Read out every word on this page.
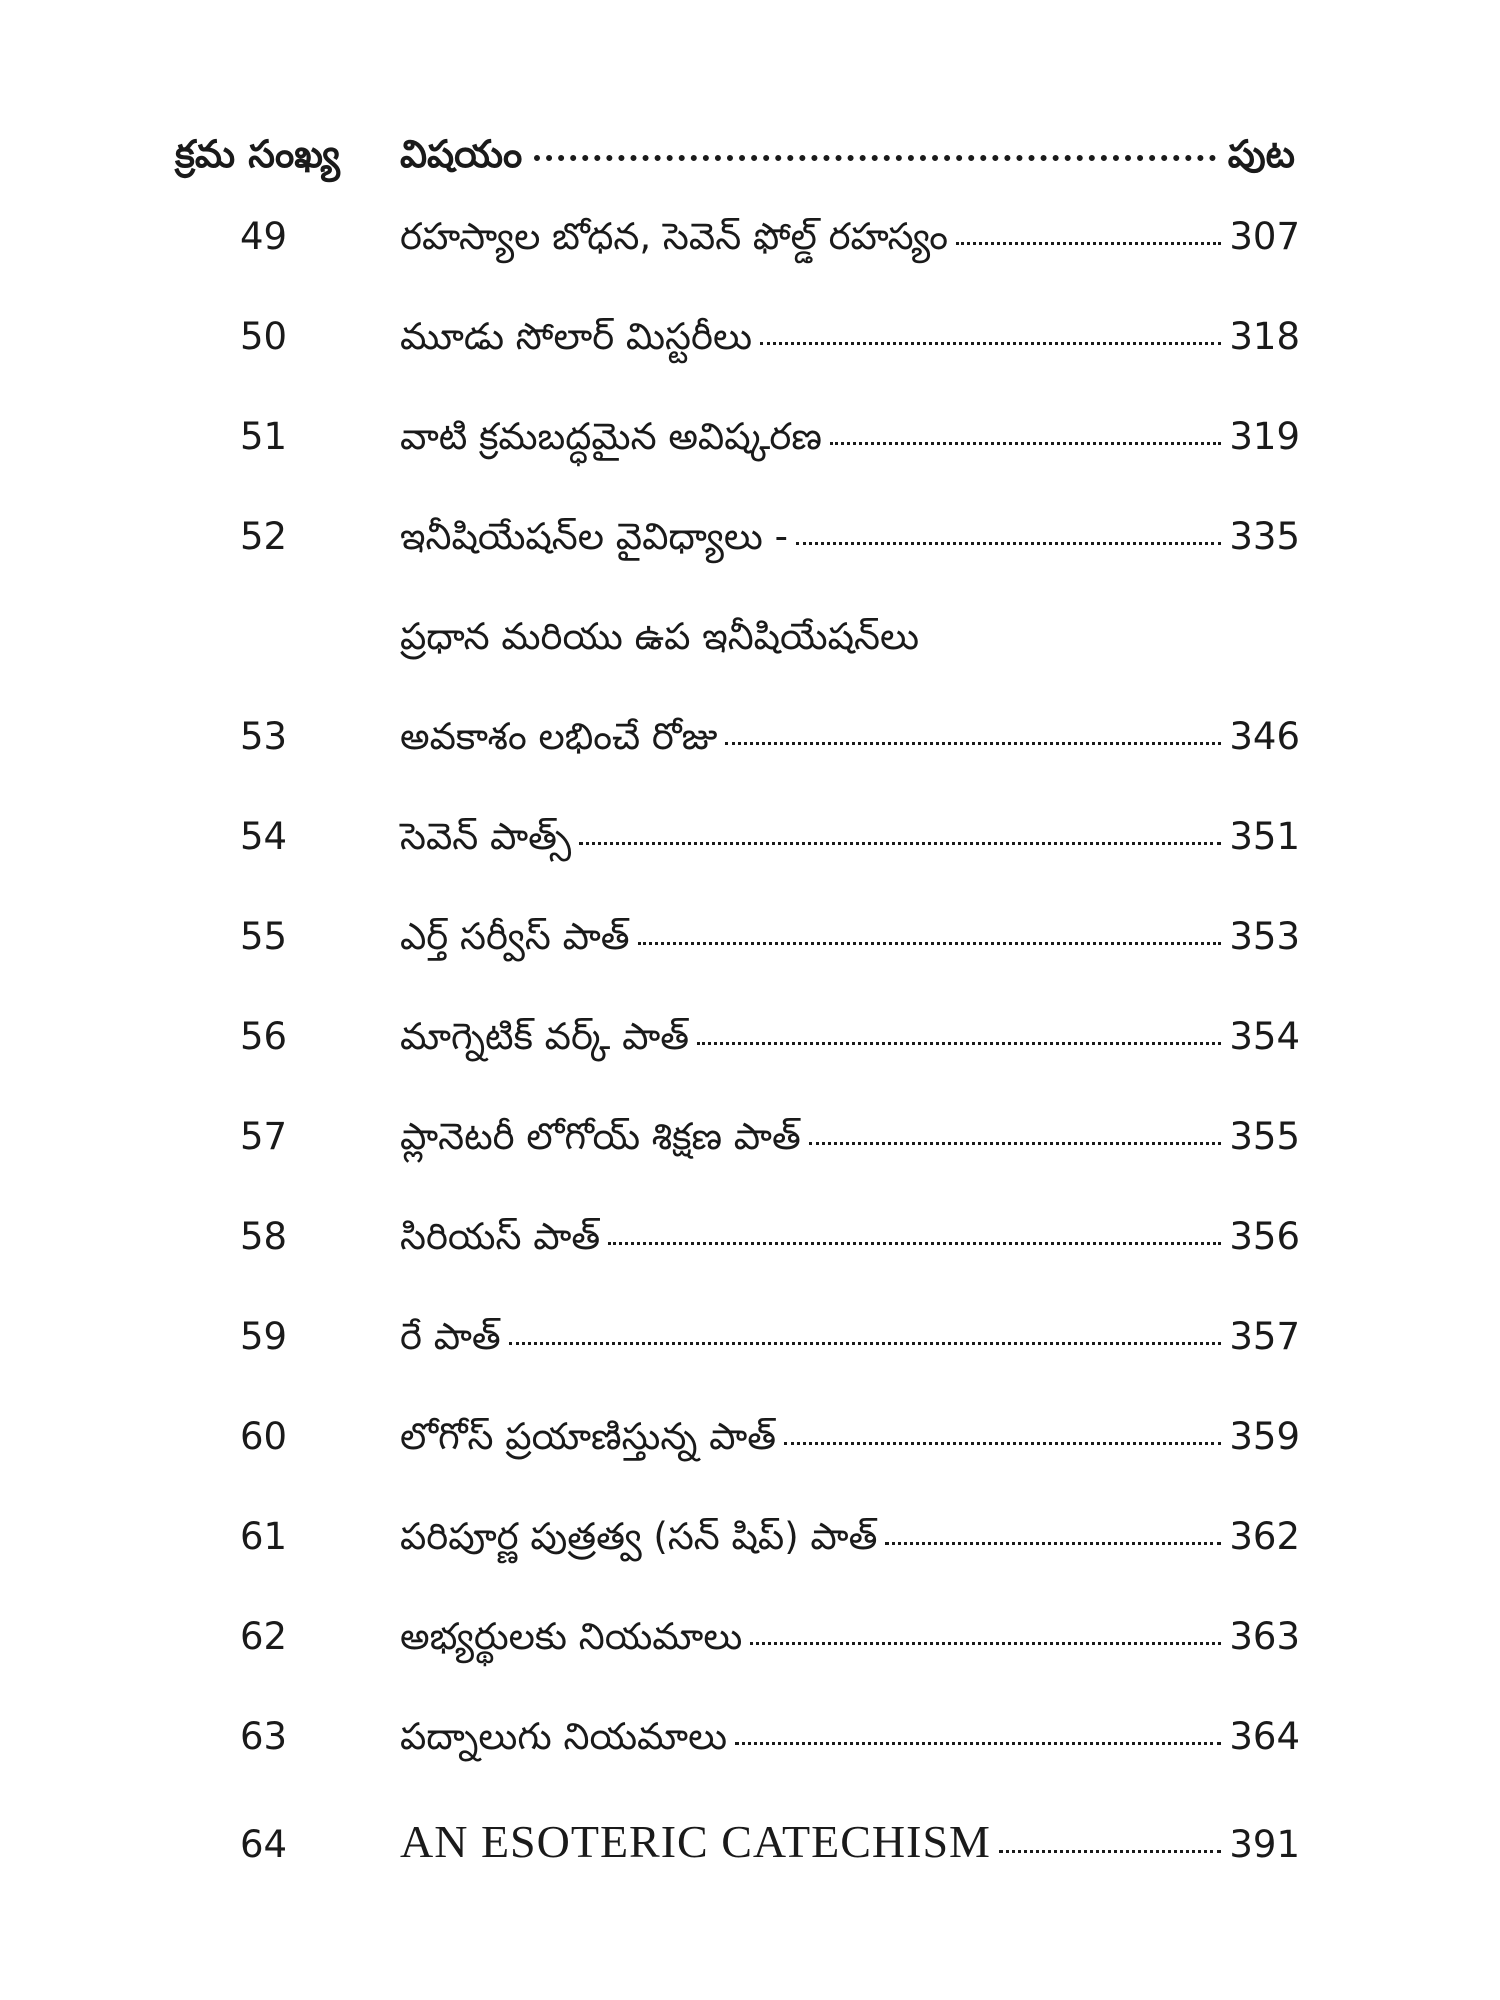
క్రమ సంఖ్య	విషయం	పుట
49	రహస్యాల బోధన, సెవెన్ ఫోల్డ్ రహస్యం	307
50	మూడు సోలార్ మిస్టరీలు	318
51	వాటి క్రమబద్ధమైన అవిష్కరణ	319
52	ఇనీషియేషన్‌ల వైవిధ్యాలు -	335
ప్రధాన మరియు ఉప ఇనీషియేషన్‌లు
53	అవకాశం లభించే రోజు	346
54	సెవెన్ పాత్స్	351
55	ఎర్త్ సర్వీస్ పాత్	353
56	మాగ్నెటిక్ వర్క్ పాత్	354
57	ప్లానెటరీ లోగోయ్ శిక్షణ పాత్	355
58	సిరియస్ పాత్	356
59	రే పాత్	357
60	లోగోస్ ప్రయాణిస్తున్న పాత్	359
61	పరిపూర్ణ పుత్రత్వ (సన్ షిప్) పాత్	362
62	అభ్యర్థులకు నియమాలు	363
63	పద్నాలుగు నియమాలు	364
64	AN ESOTERIC CATECHISM	391
